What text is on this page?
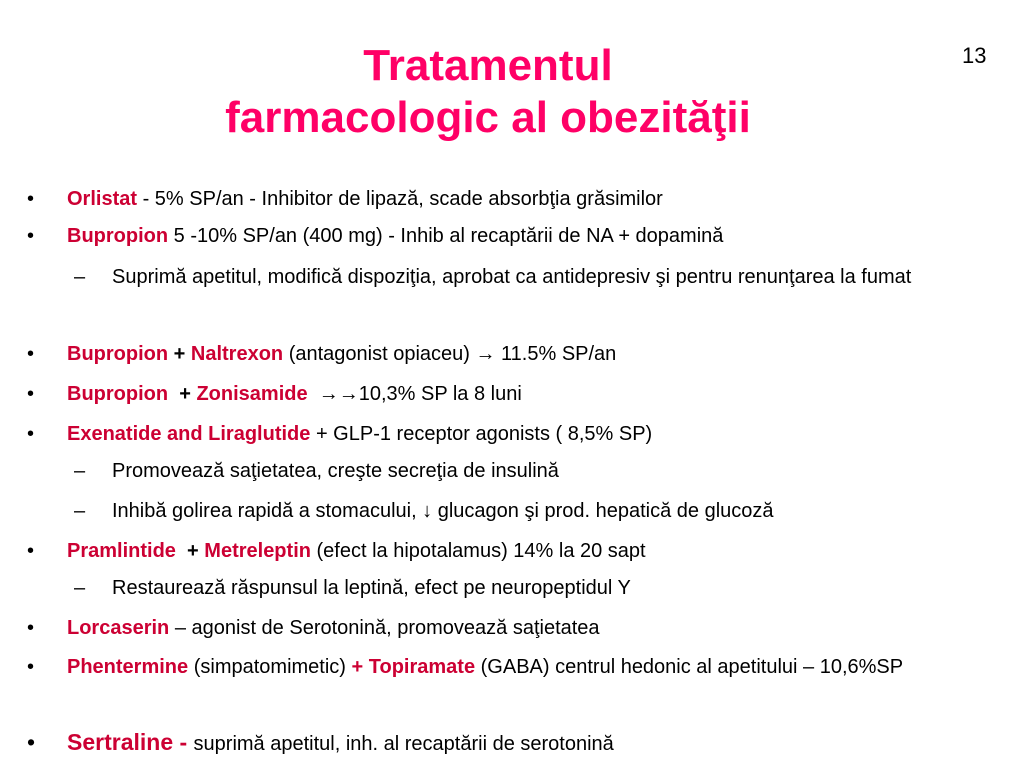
13
Tratamentul
farmacologic al obezităţii
• Orlistat - 5% SP/an - Inhibitor de lipază, scade absorbţia grăsimilor
• Bupropion 5 -10% SP/an (400 mg) - Inhib al recaptării de NA + dopamină
– Suprimă apetitul, modifică dispoziţia, aprobat ca antidepresiv şi pentru renunţarea la fumat
• Bupropion + Naltrexon (antagonist opiaceu) → 11.5% SP/an
• Bupropion  + Zonisamide  →→10,3% SP la 8 luni
• Exenatide and Liraglutide + GLP-1 receptor agonists ( 8,5% SP)
– Promovează saţietatea, creşte secreţia de insulină
– Inhibă golirea rapidă a stomacului, ↓ glucagon şi prod. hepatică de glucoză
• Pramlintide  + Metreleptin (efect la hipotalamus) 14% la 20 sapt
– Restaurează răspunsul la leptină, efect pe neuropeptidul Y
• Lorcaserin – agonist de Serotonină, promovează saţietatea
• Phentermine (simpatomimetic) + Topiramate (GABA) centrul hedonic al apetitului – 10,6%SP
• Sertraline - suprimă apetitul, inh. al recaptării de serotonină
